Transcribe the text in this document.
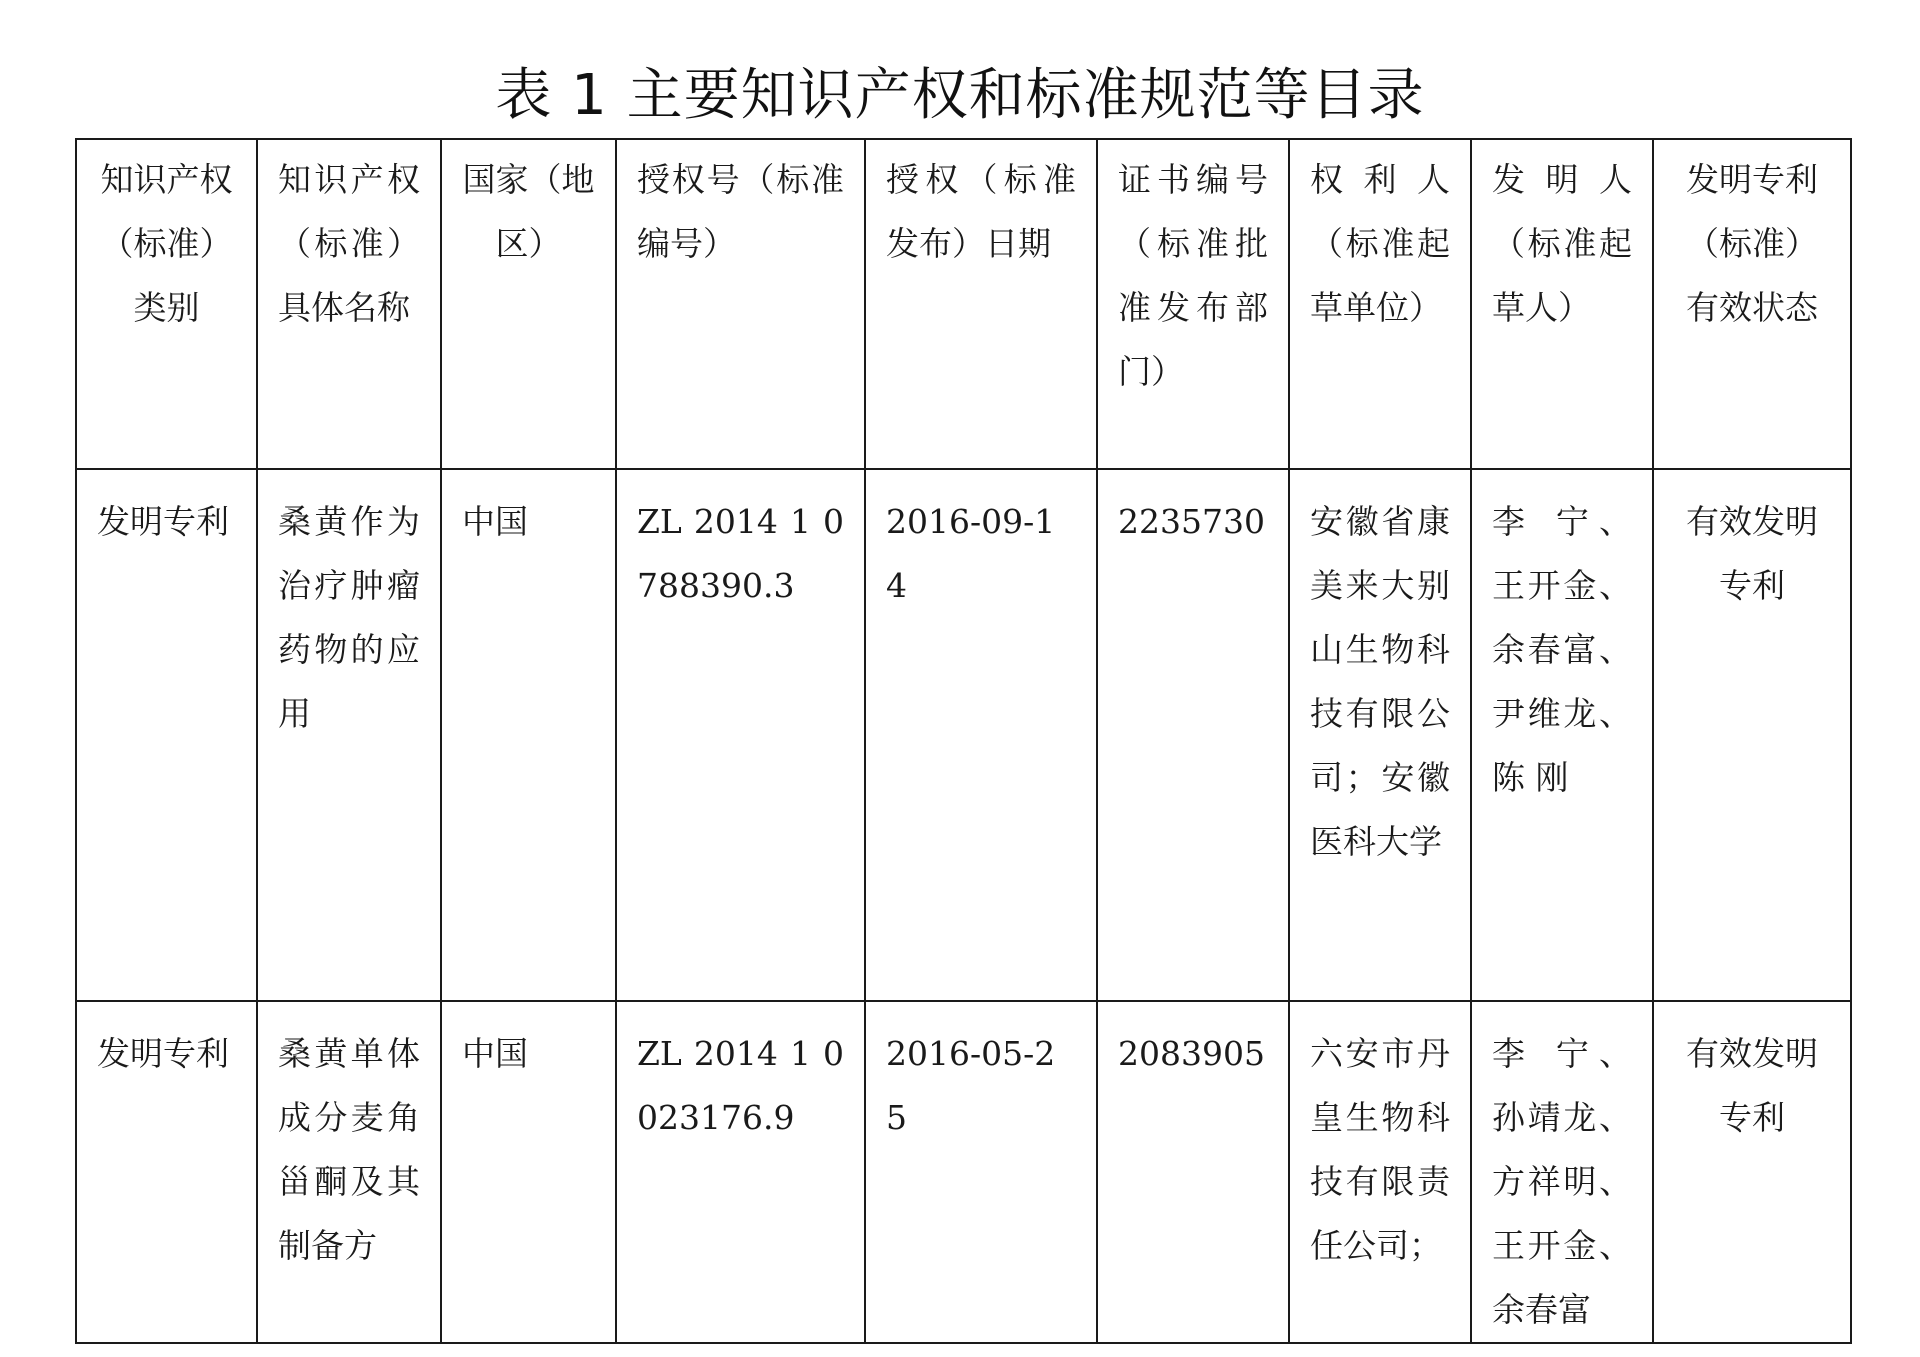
表 1 主要知识产权和标准规范等目录
知识产权（标准）类别	知识产权（标准）具体名称	国家（地区）	授权号（标准编号）	授权（标准发布）日期	证书编号（标准批准发布部门）	权利人（标准起草单位）	发明人（标准起草人）	发明专利（标准）有效状态
发明专利	桑黄作为治疗肿瘤药物的应用	中国	ZL 2014 1 0788390.3	2016-09-14	2235730	安徽省康美来大别山生物科技有限公司；安徽医科大学	李 宁、王开金、余春富、尹维龙、陈 刚	有效发明专利
发明专利	桑黄单体成分麦角甾酮及其制备方	中国	ZL 2014 1 0023176.9	2016-05-25	2083905	六安市丹皇生物科技有限责任公司；	李 宁、孙靖龙、方祥明、王开金、余春富	有效发明专利
